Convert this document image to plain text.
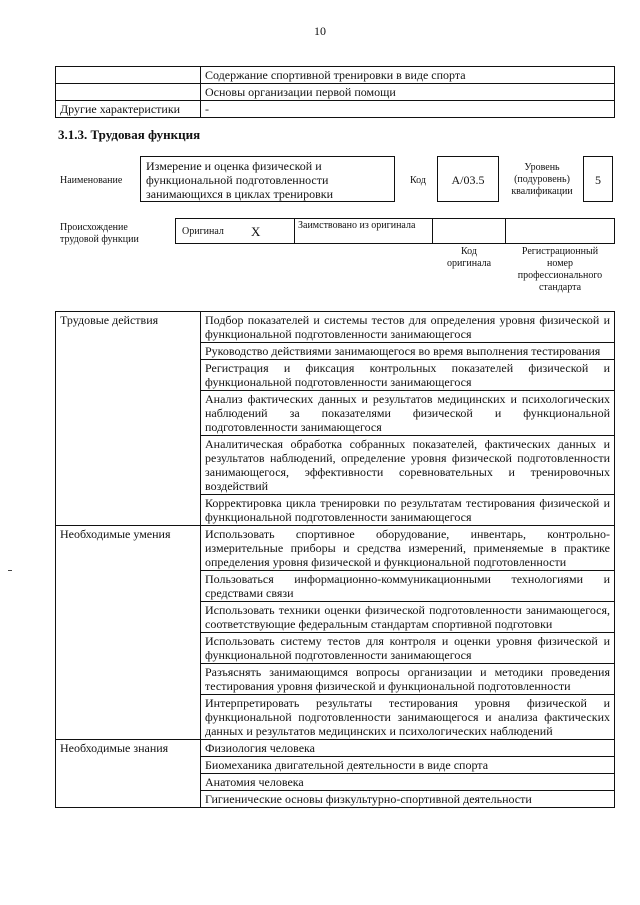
10
	Содержание спортивной тренировки в виде спорта
	Основы организации первой помощи
Другие характеристики	-
3.1.3. Трудовая функция
Наименование
Измерение и оценка физической и функциональной подготовленности занимающихся в циклах тренировки
Код	А/03.5
Уровень (подуровень) квалификации
5
Происхождение трудовой функции
Оригинал X	Заимствовано из оригинала
Код оригинала
Регистрационный номер профессионального стандарта
Трудовые действия	Подбор показателей и системы тестов для определения уровня физической и функциональной подготовленности занимающегося
	Руководство действиями занимающегося во время выполнения тестирования
	Регистрация и фиксация контрольных показателей физической и функциональной подготовленности занимающегося
	Анализ фактических данных и результатов медицинских и психологических наблюдений за показателями физической и функциональной подготовленности занимающегося
	Аналитическая обработка собранных показателей, фактических данных и результатов наблюдений, определение уровня физической подготовленности занимающегося, эффективности соревновательных и тренировочных воздействий
	Корректировка цикла тренировки по результатам тестирования физической и функциональной подготовленности занимающегося
Необходимые умения	Использовать спортивное оборудование, инвентарь, контрольно-измерительные приборы и средства измерений, применяемые в практике определения уровня физической и функциональной подготовленности
	Пользоваться информационно-коммуникационными технологиями и средствами связи
	Использовать техники оценки физической подготовленности занимающегося, соответствующие федеральным стандартам спортивной подготовки
	Использовать систему тестов для контроля и оценки уровня физической и функциональной подготовленности занимающегося
	Разъяснять занимающимся вопросы организации и методики проведения тестирования уровня физической и функциональной подготовленности
	Интерпретировать результаты тестирования уровня физической и функциональной подготовленности занимающегося и анализа фактических данных и результатов медицинских и психологических наблюдений
Необходимые знания	Физиология человека
	Биомеханика двигательной деятельности в виде спорта
	Анатомия человека
	Гигиенические основы физкультурно-спортивной деятельности
